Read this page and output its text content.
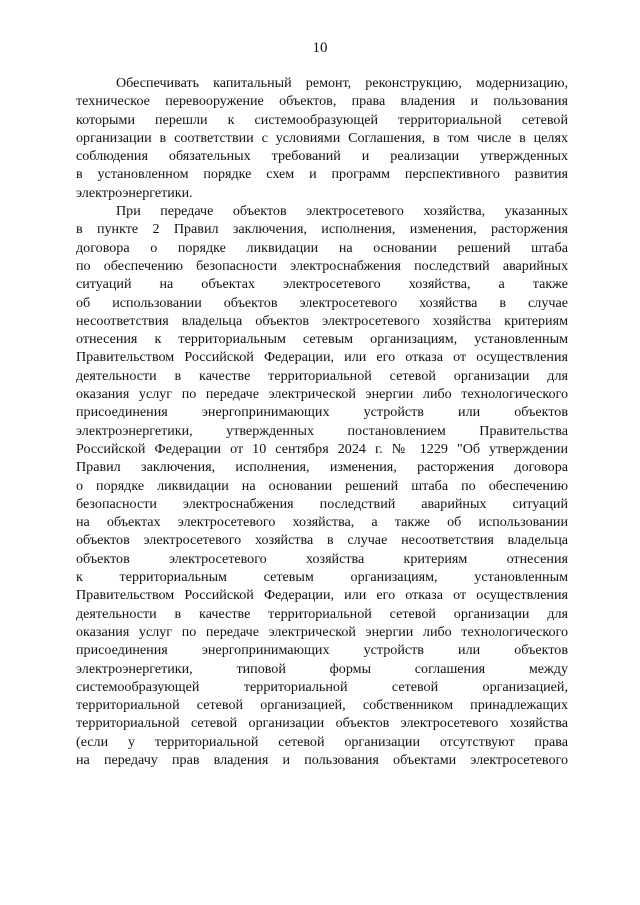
10
Обеспечивать капитальный ремонт, реконструкцию, модернизацию,
техническое перевооружение объектов, права владения и пользования
которыми перешли к системообразующей территориальной сетевой
организации в соответствии с условиями Соглашения, в том числе в целях
соблюдения обязательных требований и реализации утвержденных
в установленном порядке схем и программ перспективного развития
электроэнергетики.
При передаче объектов электросетевого хозяйства, указанных
в пункте 2 Правил заключения, исполнения, изменения, расторжения
договора о порядке ликвидации на основании решений штаба
по обеспечению безопасности электроснабжения последствий аварийных
ситуаций на объектах электросетевого хозяйства, а также
об использовании объектов электросетевого хозяйства в случае
несоответствия владельца объектов электросетевого хозяйства критериям
отнесения к территориальным сетевым организациям, установленным
Правительством Российской Федерации, или его отказа от осуществления
деятельности в качестве территориальной сетевой организации для
оказания услуг по передаче электрической энергии либо технологического
присоединения энергопринимающих устройств или объектов
электроэнергетики, утвержденных постановлением Правительства
Российской Федерации от 10 сентября 2024 г. № 1229 "Об утверждении
Правил заключения, исполнения, изменения, расторжения договора
о порядке ликвидации на основании решений штаба по обеспечению
безопасности электроснабжения последствий аварийных ситуаций
на объектах электросетевого хозяйства, а также об использовании
объектов электросетевого хозяйства в случае несоответствия владельца
объектов электросетевого хозяйства критериям отнесения
к территориальным сетевым организациям, установленным
Правительством Российской Федерации, или его отказа от осуществления
деятельности в качестве территориальной сетевой организации для
оказания услуг по передаче электрической энергии либо технологического
присоединения энергопринимающих устройств или объектов
электроэнергетики, типовой формы соглашения между
системообразующей территориальной сетевой организацией,
территориальной сетевой организацией, собственником принадлежащих
территориальной сетевой организации объектов электросетевого хозяйства
(если у территориальной сетевой организации отсутствуют права
на передачу прав владения и пользования объектами электросетевого
